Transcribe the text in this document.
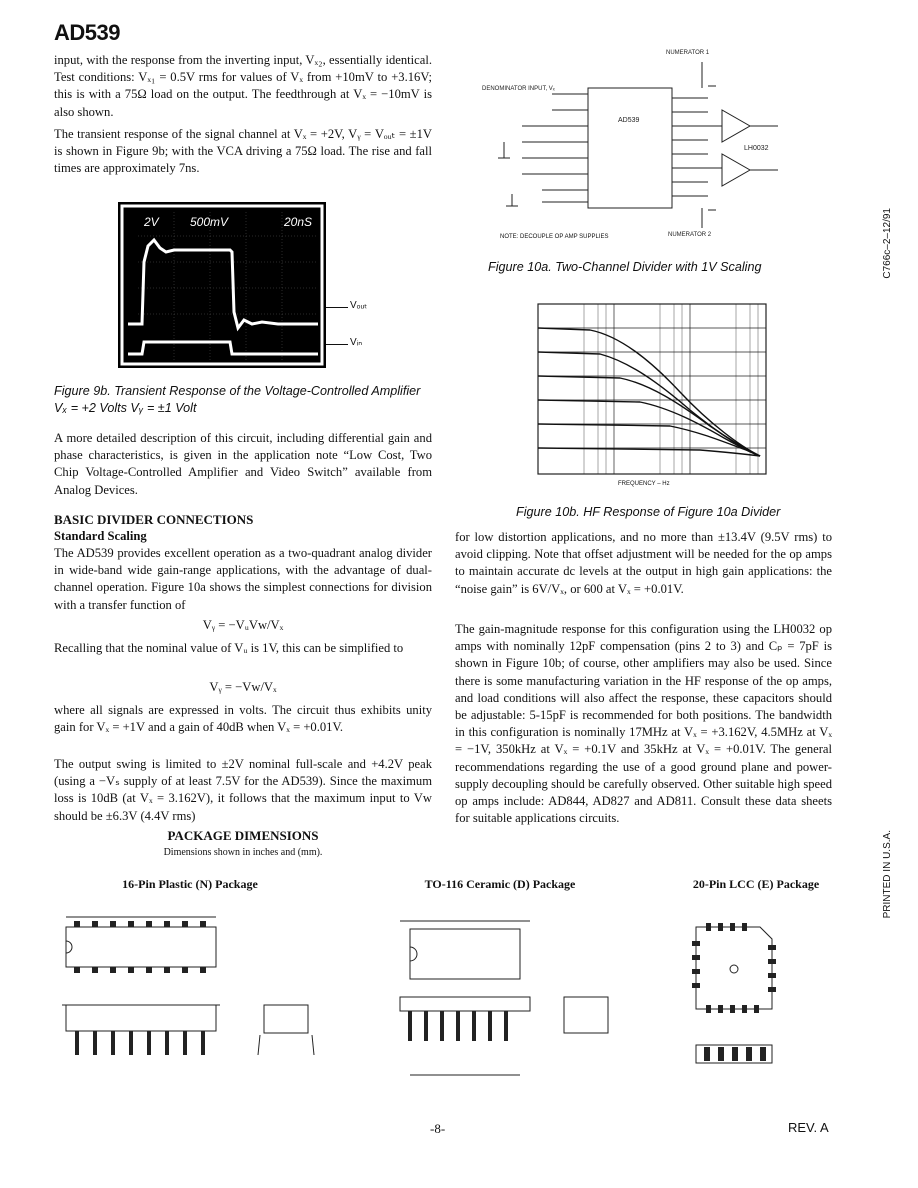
AD539
input, with the response from the inverting input, Vₓ₂, essentially identical. Test conditions: Vₓ₁ = 0.5V rms for values of Vₓ from +10mV to +3.16V; this is with a 75Ω load on the output. The feedthrough at Vₓ = −10mV is also shown.
The transient response of the signal channel at Vₓ = +2V, Vᵧ = Vₒᵤₜ = ±1V is shown in Figure 9b; with the VCA driving a 75Ω load. The rise and fall times are approximately 7ns.
2V	500mV	20nS
Vₒᵤₜ
Vᵢₙ
Figure 9b. Transient Response of the Voltage-Controlled Amplifier Vₓ = +2 Volts Vᵧ = ±1 Volt
A more detailed description of this circuit, including differential gain and phase characteristics, is given in the application note “Low Cost, Two Chip Voltage-Controlled Amplifier and Video Switch” available from Analog Devices.
BASIC DIVIDER CONNECTIONS
Standard Scaling
The AD539 provides excellent operation as a two-quadrant analog divider in wide-band wide gain-range applications, with the advantage of dual-channel operation. Figure 10a shows the simplest connections for division with a transfer function of
Vᵧ = −VᵤVᴡ/Vₓ
Recalling that the nominal value of Vᵤ is 1V, this can be simplified to
Vᵧ = −Vᴡ/Vₓ
where all signals are expressed in volts. The circuit thus exhibits unity gain for Vₓ = +1V and a gain of 40dB when Vₓ = +0.01V.
The output swing is limited to ±2V nominal full-scale and +4.2V peak (using a −Vₛ supply of at least 7.5V for the AD539). Since the maximum loss is 10dB (at Vₓ = 3.162V), it follows that the maximum input to Vᴡ should be ±6.3V (4.4V rms)
NUMERATOR 1
NUMERATOR 2
DENOMINATOR INPUT, Vₓ
AD539
LH0032
NOTE: DECOUPLE OP AMP SUPPLIES
Figure 10a. Two-Channel Divider with 1V Scaling
FREQUENCY – Hz
Figure 10b. HF Response of Figure 10a Divider
for low distortion applications, and no more than ±13.4V (9.5V rms) to avoid clipping. Note that offset adjustment will be needed for the op amps to maintain accurate dc levels at the output in high gain applications: the “noise gain” is 6V/Vₓ, or 600 at Vₓ = +0.01V.
The gain-magnitude response for this configuration using the LH0032 op amps with nominally 12pF compensation (pins 2 to 3) and Cₚ = 7pF is shown in Figure 10b; of course, other amplifiers may also be used. Since there is some manufacturing variation in the HF response of the op amps, and load conditions will also affect the response, these capacitors should be adjustable: 5-15pF is recommended for both positions. The bandwidth in this configuration is nominally 17MHz at Vₓ = +3.162V, 4.5MHz at Vₓ = −1V, 350kHz at Vₓ = +0.1V and 35kHz at Vₓ = +0.01V. The general recommendations regarding the use of a good ground plane and power-supply decoupling should be carefully observed. Other suitable high speed op amps include: AD844, AD827 and AD811. Consult these data sheets for suitable applications circuits.
PACKAGE DIMENSIONS
Dimensions shown in inches and (mm).
16-Pin Plastic (N) Package	TO-116 Ceramic (D) Package	20-Pin LCC (E) Package
C766c–2–12/91
PRINTED IN U.S.A.
-8-	REV. A
